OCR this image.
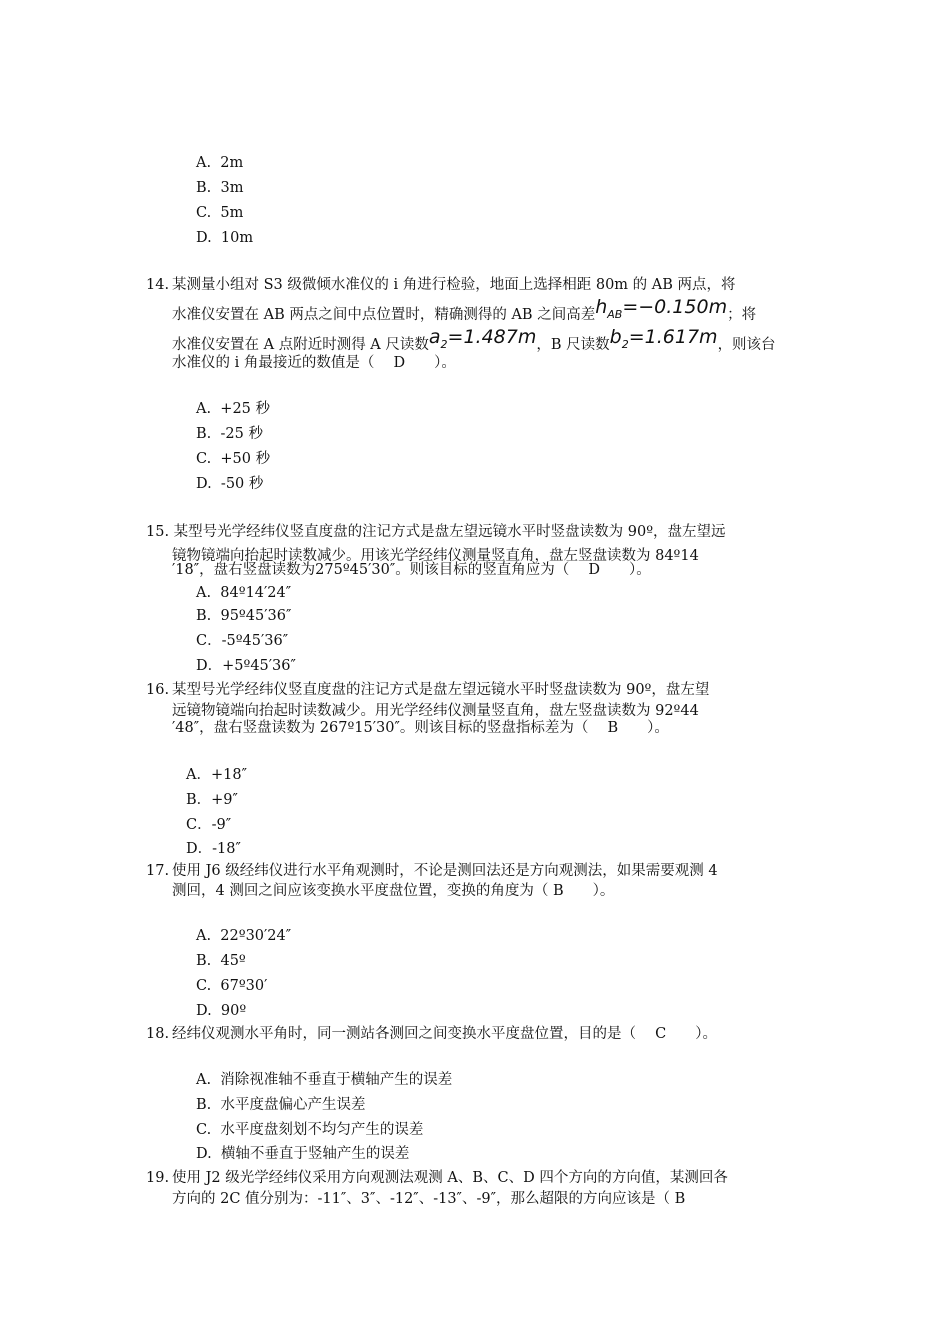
A.  2m
B.  3m
C.  5m
D.  10m
14. 某测量小组对 S3 级微倾水准仪的 i 角进行检验，地面上选择相距 80m 的 AB 两点，将
水准仪安置在 AB 两点之间中点位置时，精确测得的 AB 之间高差$h_{AB}=-0.150m$；将
水准仪安置在 A 点附近时测得 A 尺读数$a_2=1.487m$，B 尺读数$b_2=1.617m$，则该台
水准仪的 i 角最接近的数值是（　 D　　）。
A.  +25 秒
B.  -25 秒
C.  +50 秒
D.  -50 秒
15. 某型号光学经纬仪竖直度盘的注记方式是盘左望远镜水平时竖盘读数为 90º，盘左望远
镜物镜端向抬起时读数减少。用该光学经纬仪测量竖直角，盘左竖盘读数为 84º14
′18″，盘右竖盘读数为275º45′30″。则该目标的竖直角应为（　 D　　）。
A.  84º14′24″
B.  95º45′36″
C．-5º45′36″
D．+5º45′36″
16. 某型号光学经纬仪竖直度盘的注记方式是盘左望远镜水平时竖盘读数为 90º，盘左望
远镜物镜端向抬起时读数减少。用光学经纬仪测量竖直角，盘左竖盘读数为 92º44
′48″，盘右竖盘读数为 267º15′30″。则该目标的竖盘指标差为（　 B　　）。
A．+18″
B．+9″
C．-9″
D．-18″
17. 使用 J6 级经纬仪进行水平角观测时，不论是测回法还是方向观测法，如果需要观测 4
测回，4 测回之间应该变换水平度盘位置，变换的角度为（ B　　）。
A.  22º30′24″
B.  45º
C.  67º30′
D.  90º
18. 经纬仪观测水平角时，同一测站各测回之间变换水平度盘位置，目的是（　 C　　）。
A.  消除视准轴不垂直于横轴产生的误差
B.  水平度盘偏心产生误差
C.  水平度盘刻划不均匀产生的误差
D.  横轴不垂直于竖轴产生的误差
19. 使用 J2 级光学经纬仪采用方向观测法观测 A、B、C、D 四个方向的方向值，某测回各
方向的 2C 值分别为：-11″、3″、-12″、-13″、-9″，那么超限的方向应该是（ B
